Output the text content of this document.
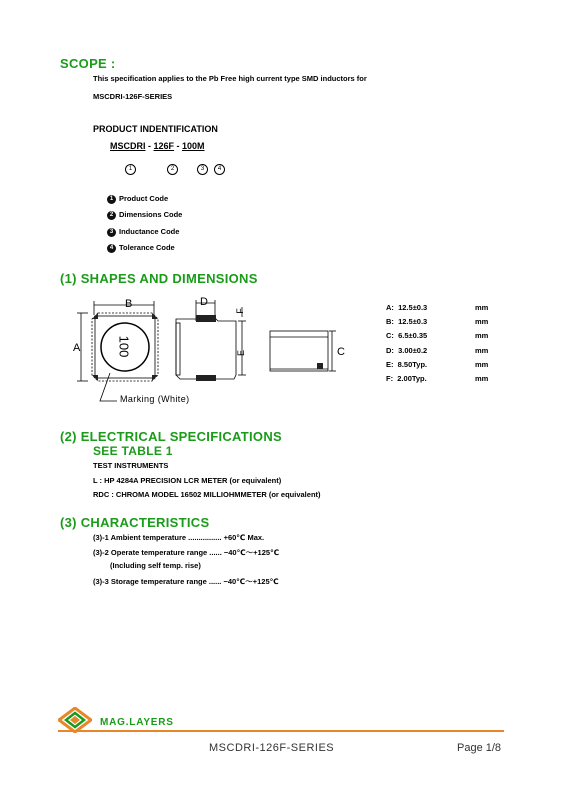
SCOPE :
This specification applies to the Pb Free high current type SMD inductors for
MSCDRI-126F-SERIES
PRODUCT INDENTIFICATION
MSCDRI - 126F - 100M
1	2	3	4
1 Product Code
2 Dimensions Code
3 Inductance Code
4 Tolerance Code
(1) SHAPES AND DIMENSIONS
B	D
F
A	E	C
100
Marking (White)
A: 12.5±0.3	mm
B: 12.5±0.3	mm
C: 6.5±0.35	mm
D: 3.00±0.2	mm
E: 8.50Typ.	mm
F: 2.00Typ.	mm
(2) ELECTRICAL SPECIFICATIONS
SEE TABLE 1
TEST INSTRUMENTS
L : HP 4284A PRECISION LCR METER (or equivalent)
RDC : CHROMA MODEL 16502 MILLIOHMMETER (or equivalent)
(3) CHARACTERISTICS
(3)-1 Ambient temperature ................ +60℃ Max.
(3)-2 Operate temperature range ...... −40℃～+125℃
(Including self temp. rise)
(3)-3 Storage temperature range ...... −40℃～+125℃
MAG.LAYERS
MSCDRI-126F-SERIES	Page 1/8
